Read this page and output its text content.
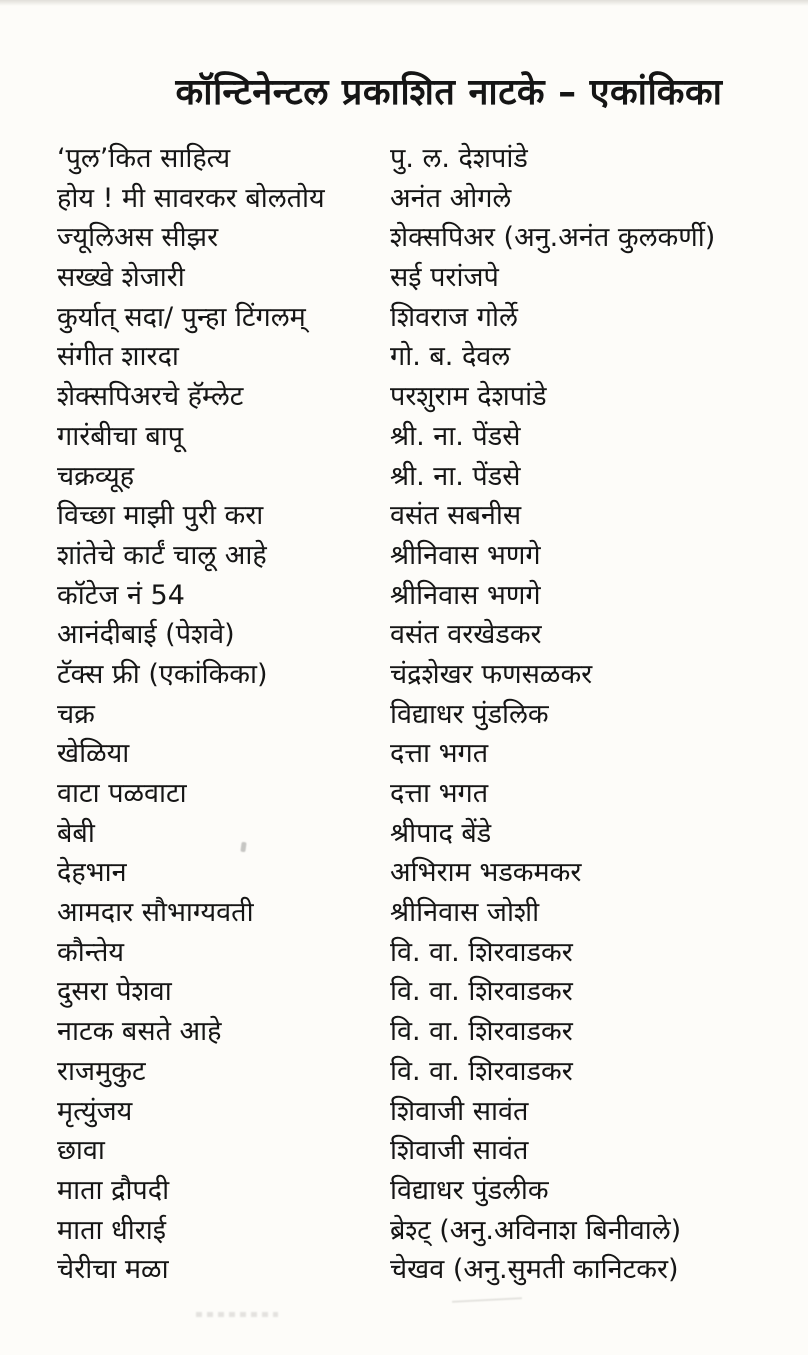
कॉन्टिनेन्टल प्रकाशित नाटके – एकांकिका
‘पुल’कित साहित्य	पु. ल. देशपांडे
होय ! मी सावरकर बोलतोय	अनंत ओगले
ज्यूलिअस सीझर	शेक्सपिअर (अनु.अनंत कुलकर्णी)
सख्खे शेजारी	सई परांजपे
कुर्यात् सदा/ पुन्हा टिंगलम्	शिवराज गोर्ले
संगीत शारदा	गो. ब. देवल
शेक्सपिअरचे हॅम्लेट	परशुराम देशपांडे
गारंबीचा बापू	श्री. ना. पेंडसे
चक्रव्यूह	श्री. ना. पेंडसे
विच्छा माझी पुरी करा	वसंत सबनीस
शांतेचे कार्टं चालू आहे	श्रीनिवास भणगे
कॉटेज नं 54	श्रीनिवास भणगे
आनंदीबाई (पेशवे)	वसंत वरखेडकर
टॅक्स फ्री (एकांकिका)	चंद्रशेखर फणसळकर
चक्र	विद्याधर पुंडलिक
खेळिया	दत्ता भगत
वाटा पळवाटा	दत्ता भगत
बेबी	श्रीपाद बेंडे
देहभान	अभिराम भडकमकर
आमदार सौभाग्यवती	श्रीनिवास जोशी
कौन्तेय	वि. वा. शिरवाडकर
दुसरा पेशवा	वि. वा. शिरवाडकर
नाटक बसते आहे	वि. वा. शिरवाडकर
राजमुकुट	वि. वा. शिरवाडकर
मृत्युंजय	शिवाजी सावंत
छावा	शिवाजी सावंत
माता द्रौपदी	विद्याधर पुंडलीक
माता धीराई	ब्रेश्ट् (अनु.अविनाश बिनीवाले)
चेरीचा मळा	चेखव (अनु.सुमती कानिटकर)
